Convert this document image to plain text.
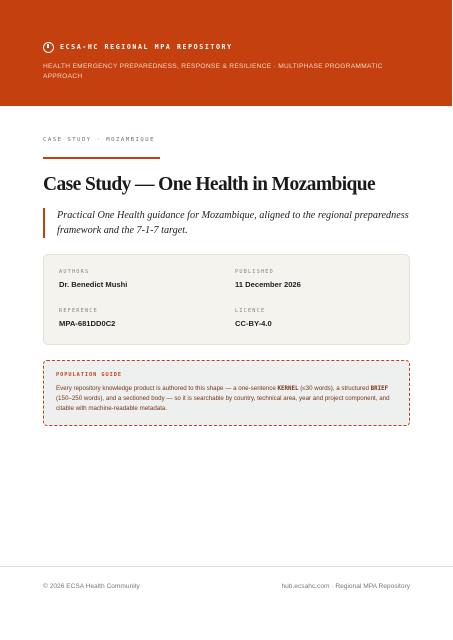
ECSA-HC REGIONAL MPA REPOSITORY
HEALTH EMERGENCY PREPAREDNESS, RESPONSE & RESILIENCE · MULTIPHASE PROGRAMMATIC APPROACH
CASE STUDY · MOZAMBIQUE
Case Study — One Health in Mozambique

Practical One Health guidance for Mozambique, aligned to the regional preparedness framework and the 7-1-7 target.

AUTHORS
Dr. Benedict Mushi
PUBLISHED
11 December 2026
REFERENCE
MPA-681DD0C2
LICENCE
CC-BY-4.0
POPULATION GUIDE

Every repository knowledge product is authored to this shape — a one-sentence KERNEL (≤30 words), a structured BRIEF (150–250 words), and a sectioned body — so it is searchable by country, technical area, year and project component, and citable with machine-readable metadata.

© 2026 ECSA Health Community	hub.ecsahc.com · Regional MPA Repository
